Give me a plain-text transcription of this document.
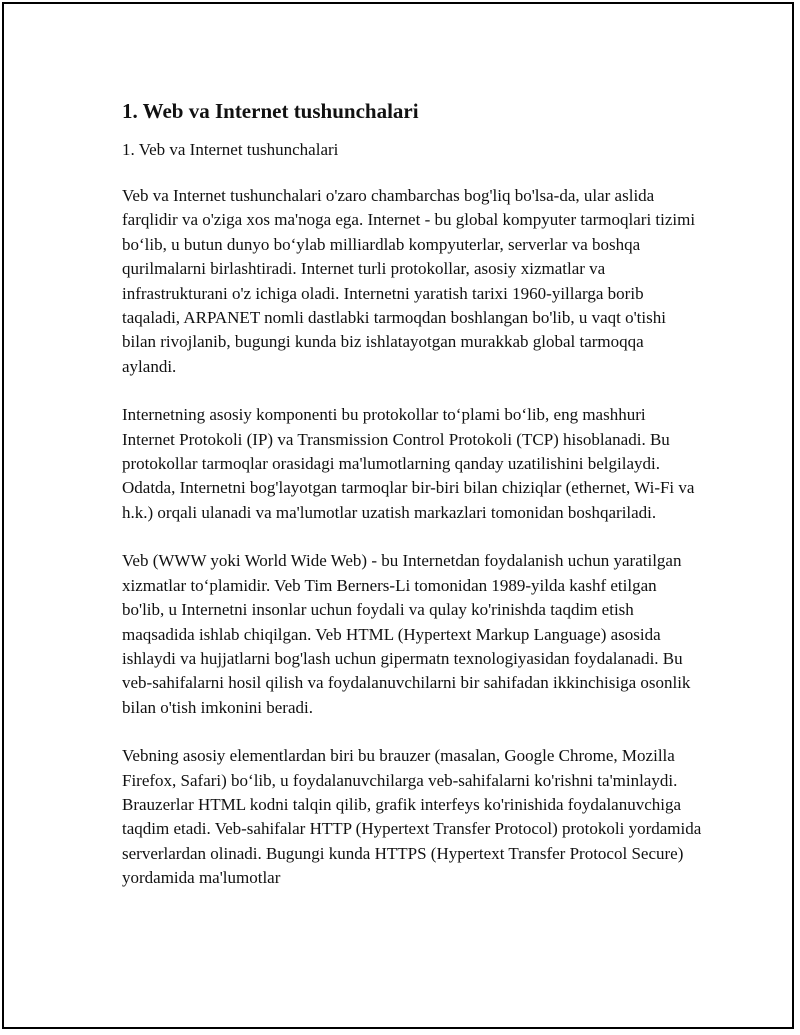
1. Web va Internet tushunchalari
1. Veb va Internet tushunchalari

Veb va Internet tushunchalari o'zaro chambarchas bog'liq bo'lsa-da, ular aslida farqlidir va o'ziga xos ma'noga ega. Internet - bu global kompyuter tarmoqlari tizimi bo‘lib, u butun dunyo bo‘ylab milliardlab kompyuterlar, serverlar va boshqa qurilmalarni birlashtiradi. Internet turli protokollar, asosiy xizmatlar va infrastrukturani o'z ichiga oladi. Internetni yaratish tarixi 1960-yillarga borib taqaladi, ARPANET nomli dastlabki tarmoqdan boshlangan bo'lib, u vaqt o'tishi bilan rivojlanib, bugungi kunda biz ishlatayotgan murakkab global tarmoqqa aylandi.

Internetning asosiy komponenti bu protokollar to‘plami bo‘lib, eng mashhuri Internet Protokoli (IP) va Transmission Control Protokoli (TCP) hisoblanadi. Bu protokollar tarmoqlar orasidagi ma'lumotlarning qanday uzatilishini belgilaydi. Odatda, Internetni bog'layotgan tarmoqlar bir-biri bilan chiziqlar (ethernet, Wi-Fi va h.k.) orqali ulanadi va ma'lumotlar uzatish markazlari tomonidan boshqariladi.

Veb (WWW yoki World Wide Web) - bu Internetdan foydalanish uchun yaratilgan xizmatlar to‘plamidir. Veb Tim Berners-Li tomonidan 1989-yilda kashf etilgan bo'lib, u Internetni insonlar uchun foydali va qulay ko'rinishda taqdim etish maqsadida ishlab chiqilgan. Veb HTML (Hypertext Markup Language) asosida ishlaydi va hujjatlarni bog'lash uchun gipermatn texnologiyasidan foydalanadi. Bu veb-sahifalarni hosil qilish va foydalanuvchilarni bir sahifadan ikkinchisiga osonlik bilan o'tish imkonini beradi.

Vebning asosiy elementlardan biri bu brauzer (masalan, Google Chrome, Mozilla Firefox, Safari) bo‘lib, u foydalanuvchilarga veb-sahifalarni ko'rishni ta'minlaydi. Brauzerlar HTML kodni talqin qilib, grafik interfeys ko'rinishida foydalanuvchiga taqdim etadi. Veb-sahifalar HTTP (Hypertext Transfer Protocol) protokoli yordamida serverlardan olinadi. Bugungi kunda HTTPS (Hypertext Transfer Protocol Secure) yordamida ma'lumotlar
